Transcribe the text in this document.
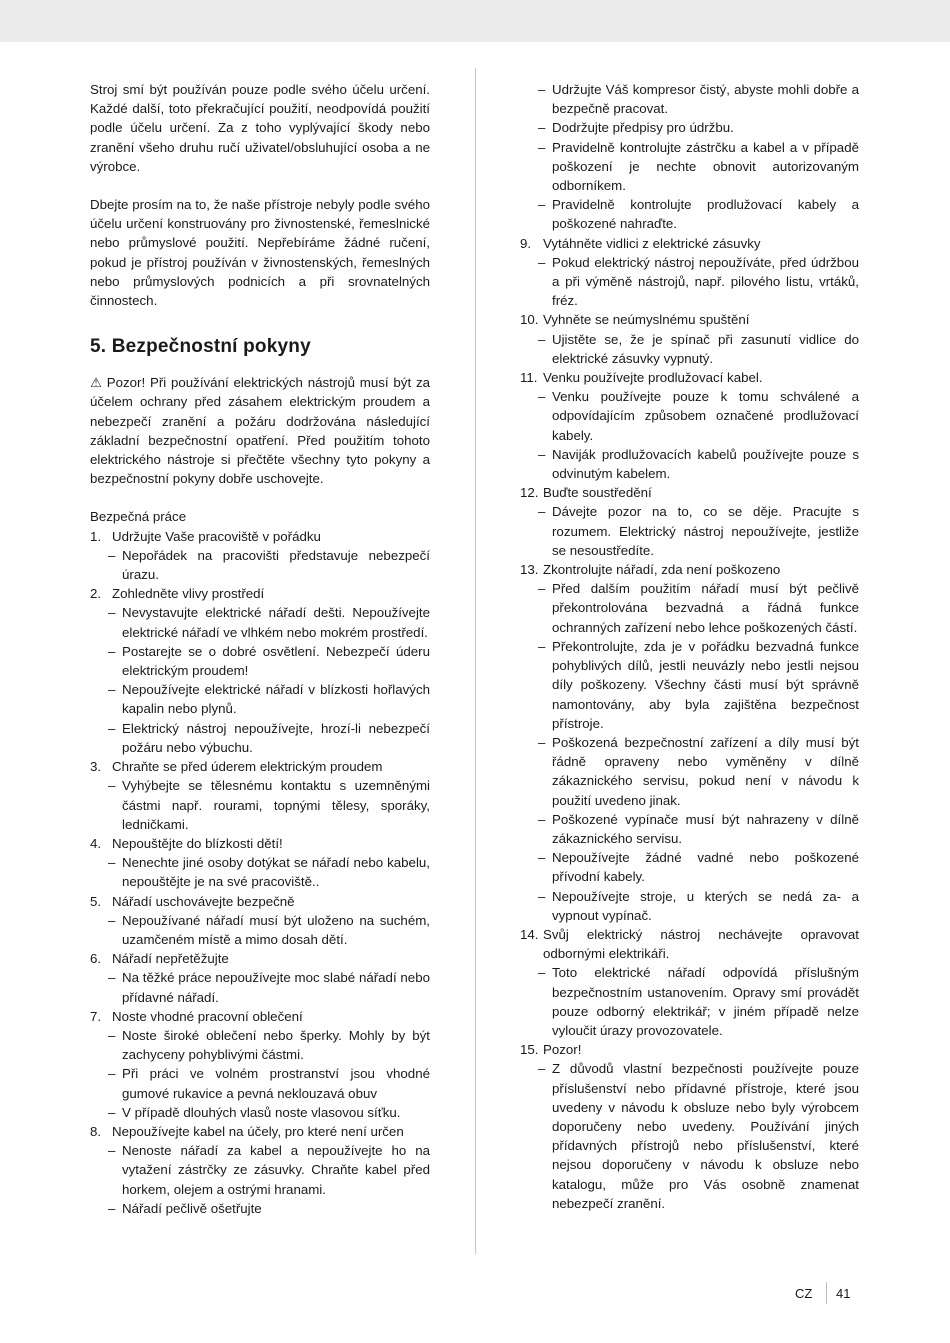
Stroj smí být používán pouze podle svého účelu určení. Každé další, toto překračující použití, neodpovídá použití podle účelu určení. Za z toho vyplývající škody nebo zranění všeho druhu ručí uživatel/obsluhující osoba a ne výrobce.

Dbejte prosím na to, že naše přístroje nebyly podle svého účelu určení konstruovány pro živnostenské, řemeslnické nebo průmyslové použití. Nepřebíráme žádné ručení, pokud je přístroj používán v živnostenských, řemeslných nebo průmyslových podnicích a při srovnatelných činnostech.

5. Bezpečnostní pokyny

⚠ Pozor! Při používání elektrických nástrojů musí být za účelem ochrany před zásahem elektrickým proudem a nebezpečí zranění a požáru dodržována následující základní bezpečnostní opatření. Před použitím tohoto elektrického nástroje si přečtěte všechny tyto pokyny a bezpečnostní pokyny dobře uschovejte.

Bezpečná práce
1. Udržujte Vaše pracoviště v pořádku
– Nepořádek na pracovišti představuje nebezpečí úrazu.
2. Zohledněte vlivy prostředí
– Nevystavujte elektrické nářadí dešti. Nepoužívejte elektrické nářadí ve vlhkém nebo mokrém prostředí.
– Postarejte se o dobré osvětlení. Nebezpečí úderu elektrickým proudem!
– Nepoužívejte elektrické nářadí v blízkosti hořlavých kapalin nebo plynů.
– Elektrický nástroj nepoužívejte, hrozí-li nebezpečí požáru nebo výbuchu.
3. Chraňte se před úderem elektrickým proudem
– Vyhýbejte se tělesnému kontaktu s uzemněnými částmi např. rourami, topnými tělesy, sporáky, ledničkami.
4. Nepouštějte do blízkosti dětí!
– Nenechte jiné osoby dotýkat se nářadí nebo kabelu, nepouštějte je na své pracoviště..
5. Nářadí uschovávejte bezpečně
– Nepoužívané nářadí musí být uloženo na suchém, uzamčeném místě a mimo dosah dětí.
6. Nářadí nepřetěžujte
– Na těžké práce nepoužívejte moc slabé nářadí nebo přídavné nářadí.
7. Noste vhodné pracovní oblečení
– Noste široké oblečení nebo šperky. Mohly by být zachyceny pohyblivými částmi.
– Při práci ve volném prostranství jsou vhodné gumové rukavice a pevná neklouzavá obuv
– V případě dlouhých vlasů noste vlasovou síťku.
8. Nepoužívejte kabel na účely, pro které není určen
– Nenoste nářadí za kabel a nepoužívejte ho na vytažení zástrčky ze zásuvky. Chraňte kabel před horkem, olejem a ostrými hranami.
– Nářadí pečlivě ošetřujte
– Udržujte Váš kompresor čistý, abyste mohli dobře a bezpečně pracovat.
– Dodržujte předpisy pro údržbu.
– Pravidelně kontrolujte zástrčku a kabel a v případě poškození je nechte obnovit autorizovaným odborníkem.
– Pravidelně kontrolujte prodlužovací kabely a poškozené nahraďte.
9. Vytáhněte vidlici z elektrické zásuvky
– Pokud elektrický nástroj nepoužíváte, před údržbou a při výměně nástrojů, např. pilového listu, vrtáků, fréz.
10. Vyhněte se neúmyslnému spuštění
– Ujistěte se, že je spínač při zasunutí vidlice do elektrické zásuvky vypnutý.
11. Venku používejte prodlužovací kabel.
– Venku používejte pouze k tomu schválené a odpovídajícím způsobem označené prodlužovací kabely.
– Naviják prodlužovacích kabelů používejte pouze s odvinutým kabelem.
12. Buďte soustředění
– Dávejte pozor na to, co se děje. Pracujte s rozumem. Elektrický nástroj nepoužívejte, jestliže se nesoustředíte.
13. Zkontrolujte nářadí, zda není poškozeno
– Před dalším použitím nářadí musí být pečlivě překontrolována bezvadná a řádná funkce ochranných zařízení nebo lehce poškozených částí.
– Překontrolujte, zda je v pořádku bezvadná funkce pohyblivých dílů, jestli neuvázly nebo jestli nejsou díly poškozeny. Všechny části musí být správně namontovány, aby byla zajištěna bezpečnost přístroje.
– Poškozená bezpečnostní zařízení a díly musí být řádně opraveny nebo vyměněny v dílně zákaznického servisu, pokud není v návodu k použití uvedeno jinak.
– Poškozené vypínače musí být nahrazeny v dílně zákaznického servisu.
– Nepoužívejte žádné vadné nebo poškozené přívodní kabely.
– Nepoužívejte stroje, u kterých se nedá za- a vypnout vypínač.
14. Svůj elektrický nástroj nechávejte opravovat odbornými elektrikáři.
– Toto elektrické nářadí odpovídá příslušným bezpečnostním ustanovením. Opravy smí provádět pouze odborný elektrikář; v jiném případě nelze vyloučit úrazy provozovatele.
15. Pozor!
– Z důvodů vlastní bezpečnosti používejte pouze příslušenství nebo přídavné přístroje, které jsou uvedeny v návodu k obsluze nebo byly výrobcem doporučeny nebo uvedeny. Používání jiných přídavných přístrojů nebo příslušenství, které nejsou doporučeny v návodu k obsluze nebo katalogu, může pro Vás osobně znamenat nebezpečí zranění.
CZ 41
